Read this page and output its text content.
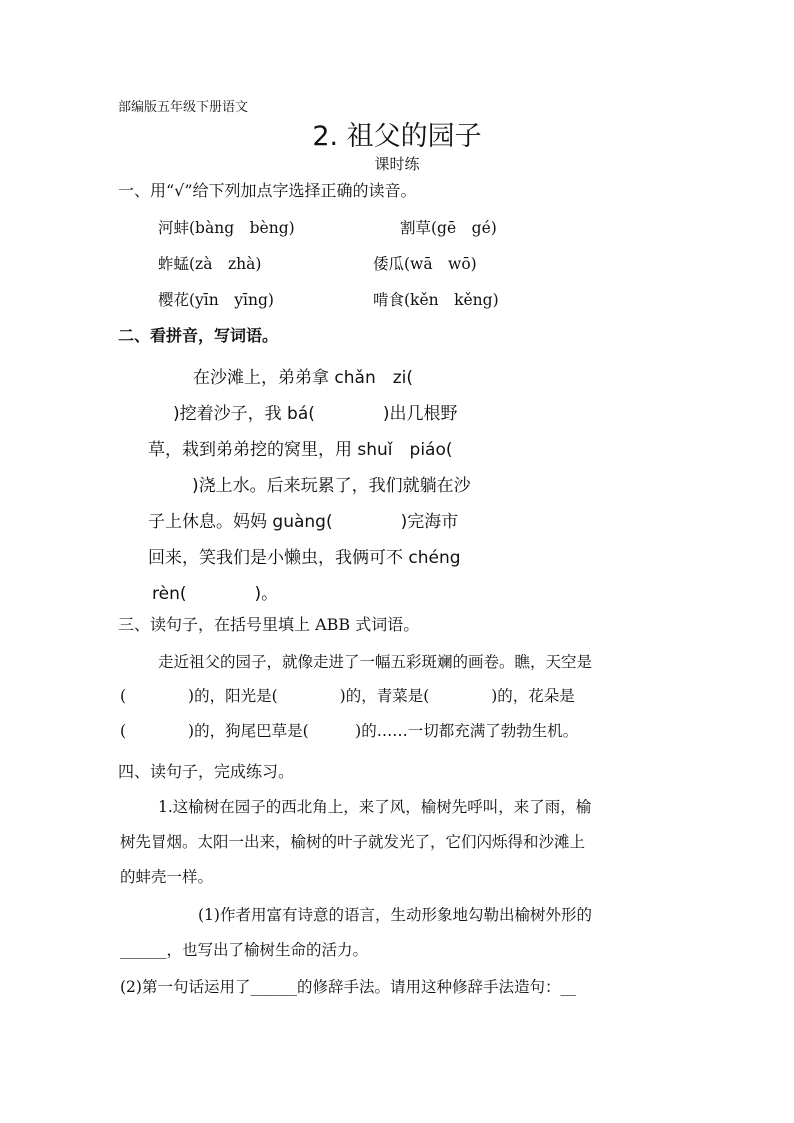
部编版五年级下册语文
2. 祖父的园子
课时练
一、用“√”给下列加点字选择正确的读音。
河蚌(bàng　bèng)	割草(gē　gé)
蚱蜢(zà　zhà)	倭瓜(wā　wō)
樱花(yīn　yīng)	啃食(kěn　kěng)
二、看拼音，写词语。
在沙滩上，弟弟拿 chǎn　zi(
)挖着沙子，我 bá(　　　　)出几根野
草，栽到弟弟挖的窝里，用 shuǐ　piáo(
)浇上水。后来玩累了，我们就躺在沙
子上休息。妈妈 guàng(　　　　)完海市
回来，笑我们是小懒虫，我俩可不 chéng
rèn(　　　　)。
三、读句子，在括号里填上 ABB 式词语。
走近祖父的园子，就像走进了一幅五彩斑斓的画卷。瞧，天空是
(　　　　)的，阳光是(　　　　)的，青菜是(　　　　)的，花朵是
(　　　　)的，狗尾巴草是(　　　)的……一切都充满了勃勃生机。
四、读句子，完成练习。
1.这榆树在园子的西北角上，来了风，榆树先呼叫，来了雨，榆
树先冒烟。太阳一出来，榆树的叶子就发光了，它们闪烁得和沙滩上
的蚌壳一样。
(1)作者用富有诗意的语言，生动形象地勾勒出榆树外形的
______，也写出了榆树生命的活力。
(2)第一句话运用了______的修辞手法。请用这种修辞手法造句：__
